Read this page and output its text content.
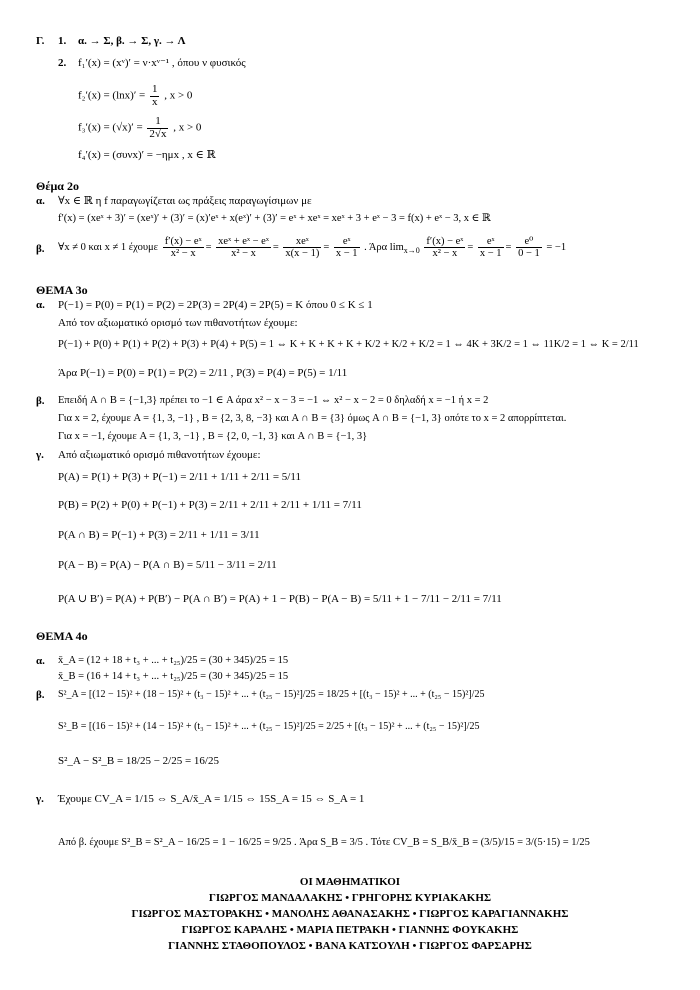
Γ. 1. α. → Σ, β. → Σ, γ. → Λ
2. f₁′(x) = (xᵛ)′ = ν·xᵛ⁻¹ , όπου ν φυσικός
$f_2'(x) = (\ln x)' = \frac{1}{x}$ , x > 0
$f_3'(x) = (√x)' = \frac{1}{2√x}$ , x > 0
f₄′(x) = (συνx)′ = −ημx , x ∈ ℝ
Θέμα 2ο
α. ∀x ∈ ℝ η f παραγωγίζεται ως πράξεις παραγωγίσιμων με
f′(x) = (xeˣ + 3)′ = (xeˣ)′ + (3)′ = (x)′eˣ + x(eˣ)′ + (3)′ = eˣ + xeˣ = xeˣ + 3 + eˣ − 3 = f(x) + eˣ − 3, x ∈ ℝ
β. ∀x ≠ 0 και x ≠ 1 έχουμε $\frac{\text{f′(x) − eˣ}}{\text{x² − x}} = \frac{\text{xeˣ + eˣ − eˣ}}{\text{x² − x}} = \frac{\text{xeˣ}}{x(x - 1)} = \frac{\text{eˣ}}{x - 1}$ . Άρα $\lim_{x\to 0} \frac{\text{f′(x) − eˣ}}{\text{x² − x}} = \frac{\text{eˣ}}{x - 1} = \frac{\text{e⁰}}{0 - 1} = -1$
ΘΕΜΑ 3ο
α. P(−1) = P(0) = P(1) = P(2) = 2P(3) = 2P(4) = 2P(5) = K όπου 0 ≤ K ≤ 1
Από τον αξιωματικό ορισμό των πιθανοτήτων έχουμε:
P(−1) + P(0) + P(1) + P(2) + P(3) + P(4) + P(5) = 1 ⇔ K + K + K + K + K/2 + K/2 + K/2 = 1 ⇔ 4K + 3K/2 = 1 ⇔ 11K/2 = 1 ⇔ K = 2/11
Άρα P(−1) = P(0) = P(1) = P(2) = 2/11 , P(3) = P(4) = P(5) = 1/11
β. Επειδή A ∩ B = {−1,3} πρέπει το −1 ∈ A άρα x² − x − 3 = −1 ⇔ x² − x − 2 = 0 δηλαδή x = −1 ή x = 2
Για x = 2, έχουμε A = {1, 3, −1} , B = {2, 3, 8, −3} και A ∩ B = {3} όμως A ∩ B = {−1, 3} οπότε το x = 2 απορρίπτεται.
Για x = −1, έχουμε A = {1, 3, −1} , B = {2, 0, −1, 3} και A ∩ B = {−1, 3}
γ. Από αξιωματικό ορισμό πιθανοτήτων έχουμε:
P(A) = P(1) + P(3) + P(−1) = 2/11 + 1/11 + 2/11 = 5/11
P(B) = P(2) + P(0) + P(−1) + P(3) = 2/11 + 2/11 + 2/11 + 1/11 = 7/11
P(A ∩ B) = P(−1) + P(3) = 2/11 + 1/11 = 3/11
P(A − B) = P(A) − P(A ∩ B) = 5/11 − 3/11 = 2/11
P(A ∪ B′) = P(A) + P(B′) − P(A ∩ B′) = P(A) + 1 − P(B) − P(A − B) = 5/11 + 1 − 7/11 − 2/11 = 7/11
ΘΕΜΑ 4ο
α. x̄_A = (12 + 18 + t₃ + ... + t₂₅)/25 = (30 + 345)/25 = 15
x̄_B = (16 + 14 + t₃ + ... + t₂₅)/25 = (30 + 345)/25 = 15
β. S²_A = [(12 − 15)² + (18 − 15)² + (t₃ − 15)² + ... + (t₂₅ − 15)²]/25 = 18/25 + [(t₃ − 15)² + ... + (t₂₅ − 15)²]/25
S²_B = [(16 − 15)² + (14 − 15)² + (t₃ − 15)² + ... + (t₂₅ − 15)²]/25 = 2/25 + [(t₃ − 15)² + ... + (t₂₅ − 15)²]/25
S²_A − S²_B = 18/25 − 2/25 = 16/25
γ. Έχουμε CV_A = 1/15 ⇔ S_A/x̄_A = 1/15 ⇔ 15S_A = 15 ⇔ S_A = 1
Από β. έχουμε S²_B = S²_A − 16/25 = 1 − 16/25 = 9/25 . Άρα S_B = 3/5 . Τότε CV_B = S_B/x̄_B = (3/5)/15 = 3/(5·15) = 1/25
ΟΙ ΜΑΘΗΜΑΤΙΚΟΙ
ΓΙΩΡΓΟΣ ΜΑΝΔΑΛΑΚΗΣ • ΓΡΗΓΟΡΗΣ ΚΥΡΙΑΚΑΚΗΣ
ΓΙΩΡΓΟΣ ΜΑΣΤΟΡΑΚΗΣ • ΜΑΝΟΛΗΣ ΑΘΑΝΑΣΑΚΗΣ • ΓΙΩΡΓΟΣ ΚΑΡΑΓΙΑΝΝΑΚΗΣ
ΓΙΩΡΓΟΣ ΚΑΡΑΛΗΣ • ΜΑΡΙΑ ΠΕΤΡΑΚΗ • ΓΙΑΝΝΗΣ ΦΟΥΚΑΚΗΣ
ΓΙΑΝΝΗΣ ΣΤΑΘΟΠΟΥΛΟΣ • ΒΑΝΑ ΚΑΤΣΟΥΛΗ • ΓΙΩΡΓΟΣ ΦΑΡΣΑΡΗΣ
